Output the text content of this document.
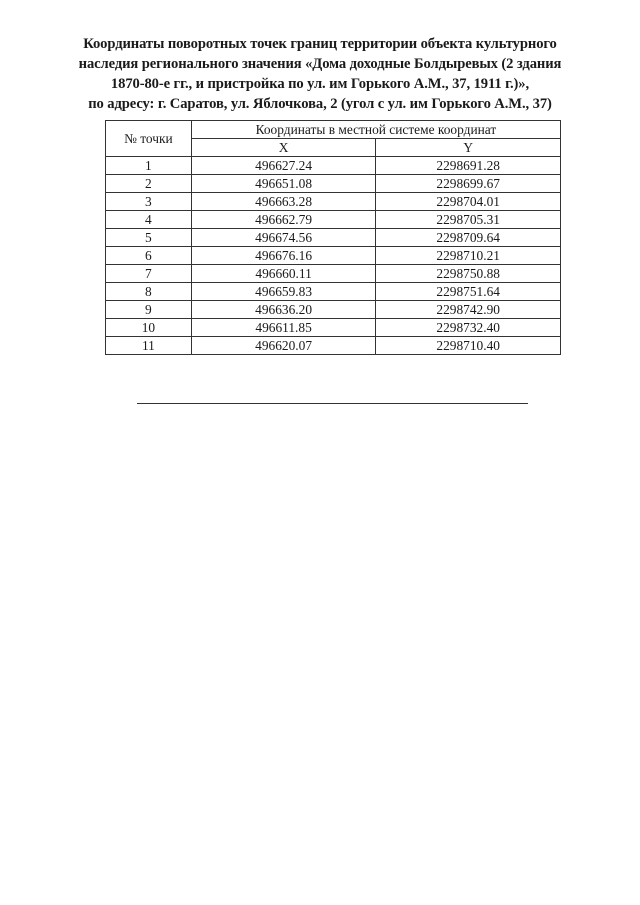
Координаты поворотных точек границ территории объекта культурного
наследия регионального значения «Дома доходные Болдыревых (2 здания
1870-80-е гг., и пристройка по ул. им Горького А.М., 37, 1911 г.)»,
по адресу: г. Саратов, ул. Яблочкова, 2 (угол с ул. им Горького А.М., 37)
№ точки	Координаты в местной системе координат	
	X	Y
1	496627.24	2298691.28
2	496651.08	2298699.67
3	496663.28	2298704.01
4	496662.79	2298705.31
5	496674.56	2298709.64
6	496676.16	2298710.21
7	496660.11	2298750.88
8	496659.83	2298751.64
9	496636.20	2298742.90
10	496611.85	2298732.40
11	496620.07	2298710.40
